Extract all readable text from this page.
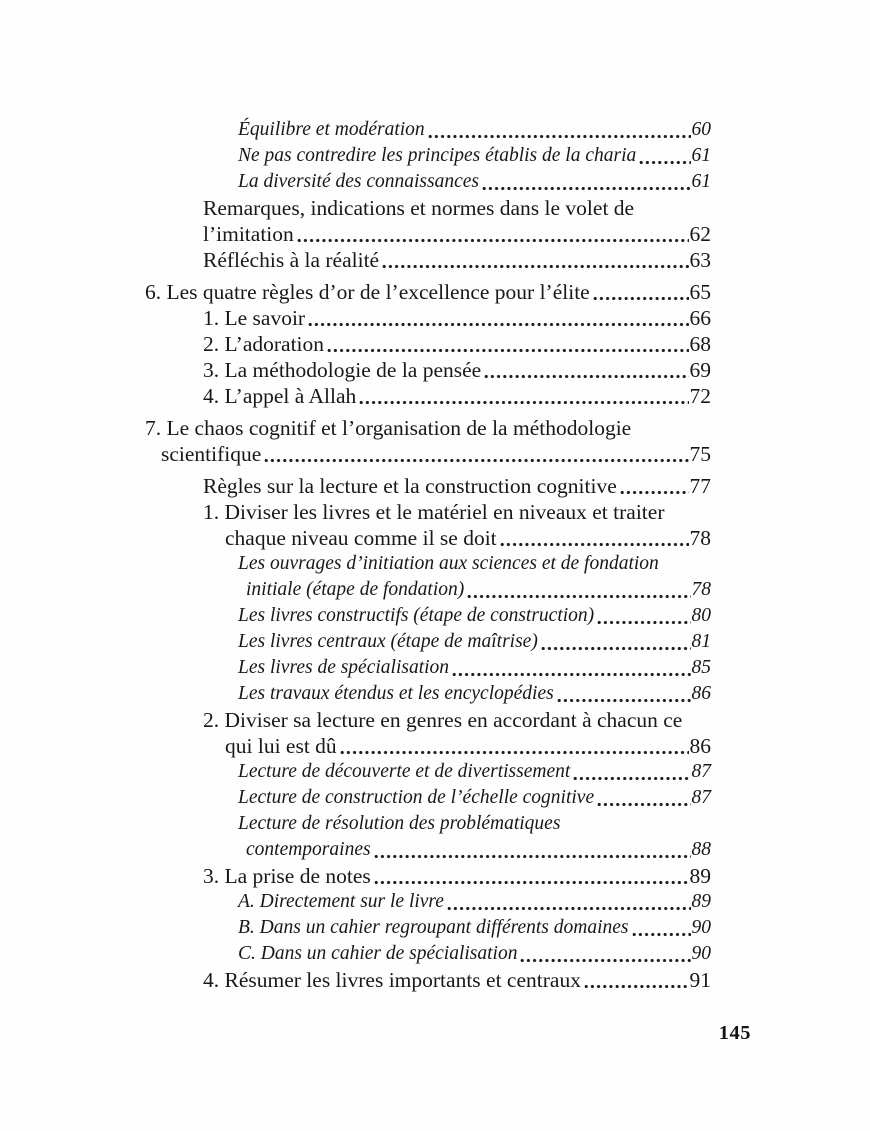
Équilibre et modération	60
Ne pas contredire les principes établis de la charia	61
La diversité des connaissances	61
Remarques, indications et normes dans le volet de
l’imitation	62
Réfléchis à la réalité	63
6. Les quatre règles d’or de l’excellence pour l’élite	65
1. Le savoir	66
2. L’adoration	68
3. La méthodologie de la pensée	69
4. L’appel à Allah	72
7. Le chaos cognitif et l’organisation de la méthodologie
scientifique	75
Règles sur la lecture et la construction cognitive	77
1. Diviser les livres et le matériel en niveaux et traiter
chaque niveau comme il se doit	78
Les ouvrages d’initiation aux sciences et de fondation
initiale (étape de fondation)	78
Les livres constructifs (étape de construction)	80
Les livres centraux (étape de maîtrise)	81
Les livres de spécialisation	85
Les travaux étendus et les encyclopédies	86
2. Diviser sa lecture en genres en accordant à chacun ce
qui lui est dû	86
Lecture de découverte et de divertissement	87
Lecture de construction de l’échelle cognitive	87
Lecture de résolution des problématiques
contemporaines	88
3. La prise de notes	89
A. Directement sur le livre	89
B. Dans un cahier regroupant différents domaines	90
C. Dans un cahier de spécialisation	90
4. Résumer les livres importants et centraux	91
145
